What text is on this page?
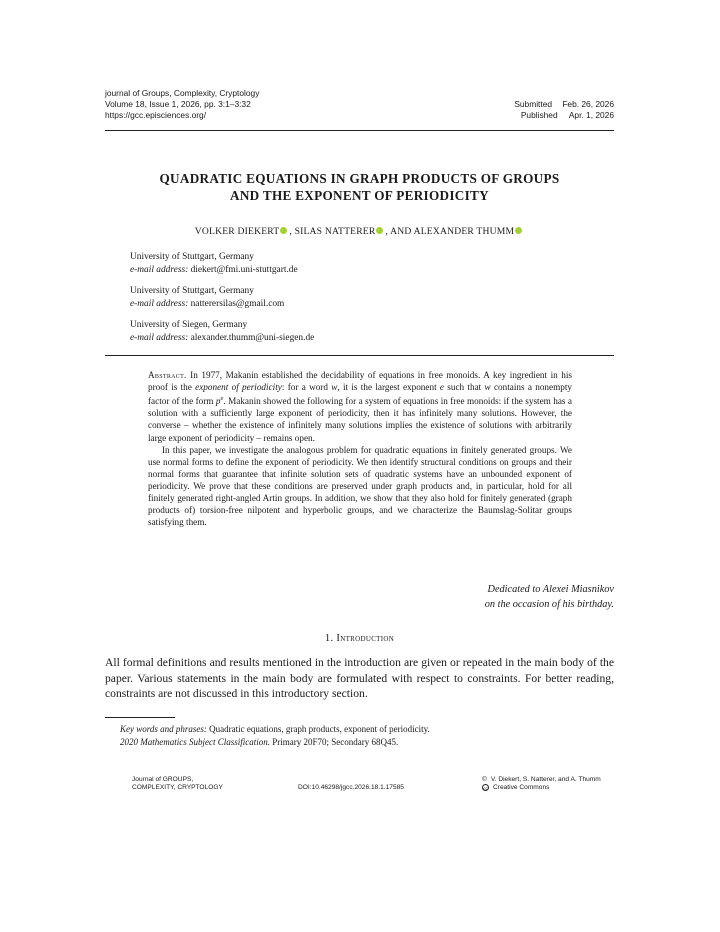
journal of Groups, Complexity, Cryptology
Volume 18, Issue 1, 2026, pp. 3:1–3:32
https://gcc.episciences.org/
Submitted	Feb. 26, 2026
Published	Apr. 1, 2026
QUADRATIC EQUATIONS IN GRAPH PRODUCTS OF GROUPS
AND THE EXPONENT OF PERIODICITY
VOLKER DIEKERT , SILAS NATTERER , AND ALEXANDER THUMM
University of Stuttgart, Germany
e-mail address: diekert@fmi.uni-stuttgart.de
University of Stuttgart, Germany
e-mail address: natterersilas@gmail.com
University of Siegen, Germany
e-mail address: alexander.thumm@uni-siegen.de

Abstract. In 1977, Makanin established the decidability of equations in free monoids. A key ingredient in his proof is the exponent of periodicity: for a word w, it is the largest exponent e such that w contains a nonempty factor of the form $p^e$. Makanin showed the following for a system of equations in free monoids: if the system has a solution with a sufficiently large exponent of periodicity, then it has infinitely many solutions. However, the converse – whether the existence of infinitely many solutions implies the existence of solutions with arbitrarily large exponent of periodicity – remains open.

In this paper, we investigate the analogous problem for quadratic equations in finitely generated groups. We use normal forms to define the exponent of periodicity. We then identify structural conditions on groups and their normal forms that guarantee that infinite solution sets of quadratic systems have an unbounded exponent of periodicity. We prove that these conditions are preserved under graph products and, in particular, hold for all finitely generated right-angled Artin groups. In addition, we show that they also hold for finitely generated (graph products of) torsion-free nilpotent and hyperbolic groups, and we characterize the Baumslag-Solitar groups satisfying them.

Dedicated to Alexei Miasnikov
on the occasion of his birthday.
1. Introduction

All formal definitions and results mentioned in the introduction are given or repeated in the main body of the paper. Various statements in the main body are formulated with respect to constraints. For better reading, constraints are not discussed in this introductory section.

Key words and phrases: Quadratic equations, graph products, exponent of periodicity.
2020 Mathematics Subject Classification. Primary 20F70; Secondary 68Q45.
Journal of GROUPS,
COMPLEXITY, CRYPTOLOGY	DOI:10.46298/jgcc.2026.18.1.17585
© V. Diekert, S. Natterer, and A. Thumm
cc Creative Commons
